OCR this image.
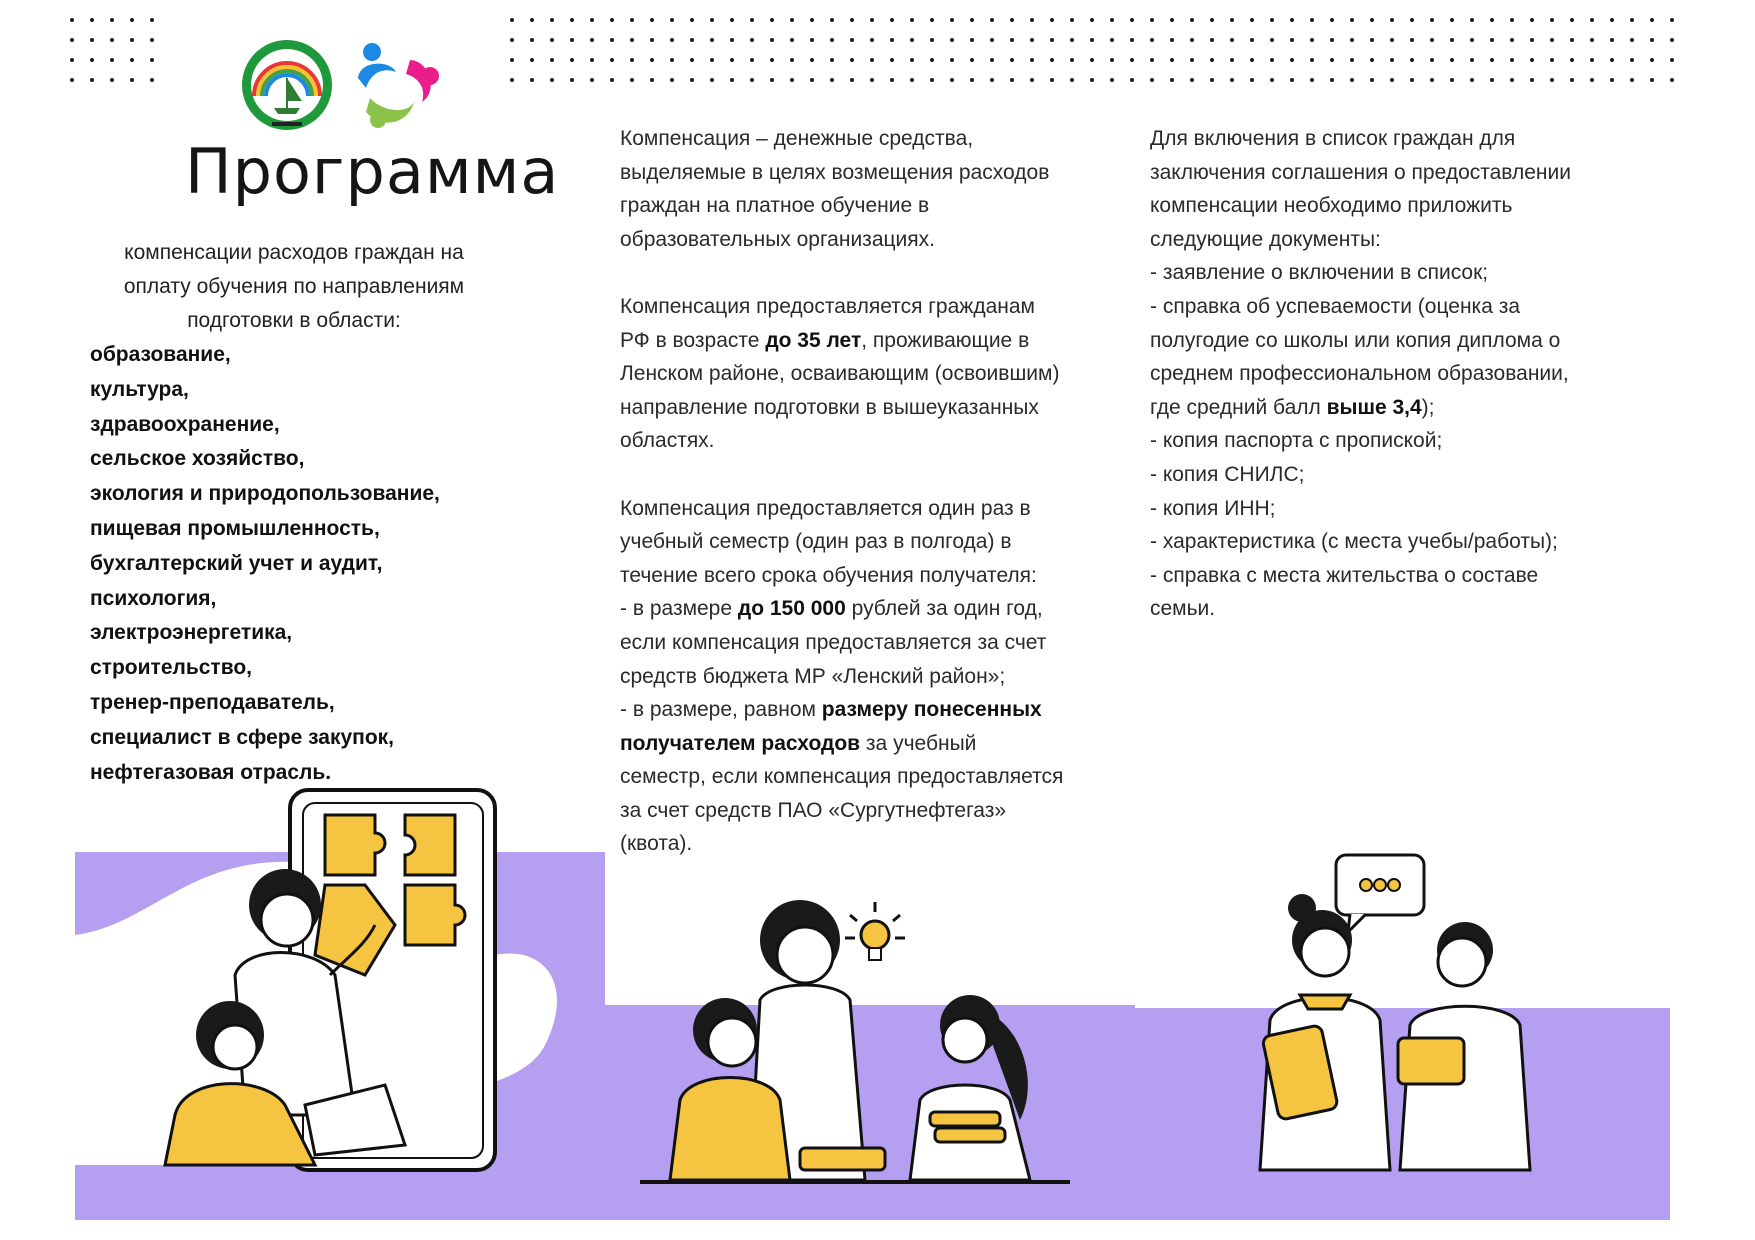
Программа
компенсации расходов граждан на оплату обучения по направлениям подготовки в области:
образование,
культура,
здравоохранение,
сельское хозяйство,
экология и природопользование,
пищевая промышленность,
бухгалтерский учет и аудит,
психология,
электроэнергетика,
строительство,
тренер-преподаватель,
специалист в сфере закупок,
нефтегазовая отрасль.

Компенсация – денежные средства,

выделяемые в целях возмещения расходов

граждан на платное обучение в

образовательных организациях.

Компенсация предоставляется гражданам

РФ в возрасте до 35 лет, проживающие в

Ленском районе, осваивающим (освоившим)

направление подготовки в вышеуказанных

областях.

Компенсация предоставляется один раз в

учебный семестр (один раз в полгода) в

течение всего срока обучения получателя:

- в размере до 150 000 рублей за один год,

если компенсация предоставляется за счет

средств бюджета МР «Ленский район»;

- в размере, равном размеру понесенных

получателем расходов за учебный

семестр, если компенсация предоставляется

за счет средств ПАО «Сургутнефтегаз»

(квота).

Для включения в список граждан для

заключения соглашения о предоставлении

компенсации необходимо приложить

следующие документы:

- заявление о включении в список;

- справка об успеваемости (оценка за

полугодие со школы или копия диплома о

среднем профессиональном образовании,

где средний балл выше 3,4);

- копия паспорта с пропиской;

- копия СНИЛС;

- копия ИНН;

- характеристика (с места учебы/работы);

- справка с места жительства о составе

семьи.
